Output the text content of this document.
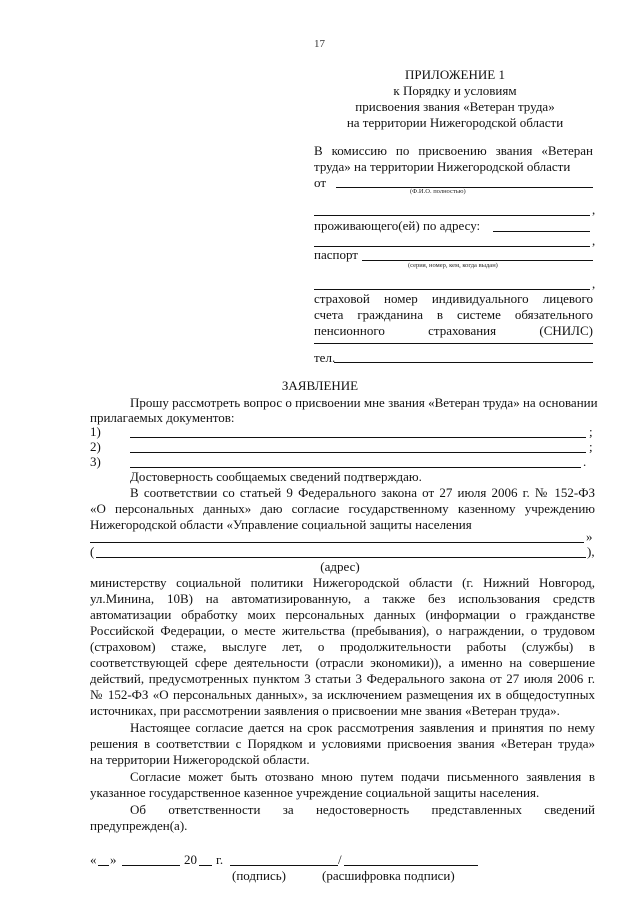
17
ПРИЛОЖЕНИЕ 1
к Порядку и условиям
присвоения звания «Ветеран труда»
на территории Нижегородской области
В комиссию по присвоению звания «Ветеран
труда» на территории Нижегородской области
от
(Ф.И.О. полностью)
,
проживающего(ей) по адресу:
,
паспорт
(серия, номер, кем, когда выдан)
,
страховой номер индивидуального лицевого
счета гражданина в системе обязательного
пенсионного страхования (СНИЛС)
тел.
ЗАЯВЛЕНИЕ
Прошу рассмотреть вопрос о присвоении мне звания «Ветеран труда» на основании
прилагаемых документов:
1)	;
2)	;
3)	.
Достоверность сообщаемых сведений подтверждаю.
В соответствии со статьей 9 Федерального закона от 27 июля 2006 г. № 152-ФЗ
«О персональных данных» даю согласие государственному казенному учреждению
Нижегородской области «Управление социальной защиты населения
»
(	),
(адрес)
министерству социальной политики Нижегородской области (г. Нижний Новгород,
ул.Минина, 10В) на автоматизированную, а также без использования средств
автоматизации обработку моих персональных данных (информации о гражданстве
Российской Федерации, о месте жительства (пребывания), о награждении, о трудовом
(страховом) стаже, выслуге лет, о продолжительности работы (службы) в
соответствующей сфере деятельности (отрасли экономики)), а именно на совершение
действий, предусмотренных пунктом 3 статьи 3 Федерального закона от 27 июля 2006 г.
№ 152-ФЗ «О персональных данных», за исключением размещения их в общедоступных
источниках, при рассмотрении заявления о присвоении мне звания «Ветеран труда».
Настоящее согласие дается на срок рассмотрения заявления и принятия по нему
решения в соответствии с Порядком и условиями присвоения звания «Ветеран труда»
на территории Нижегородской области.
Согласие может быть отозвано мною путем подачи письменного заявления в
указанное государственное казенное учреждение социальной защиты населения.
Об ответственности за недостоверность представленных сведений
предупрежден(а).
« »	20 г.	/
(подпись)	(расшифровка подписи)
